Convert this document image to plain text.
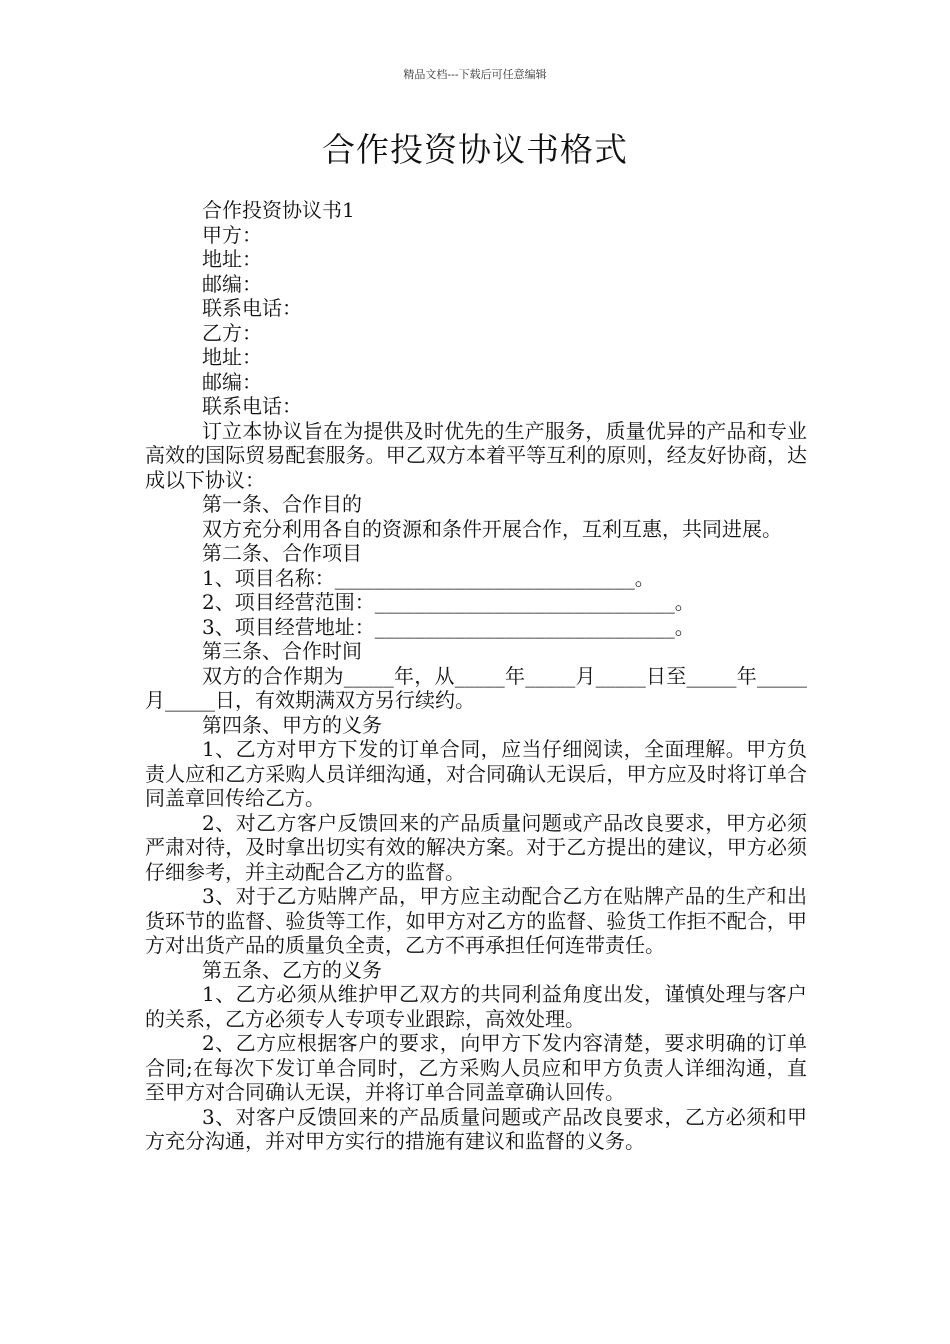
精品文档---下载后可任意编辑
合作投资协议书格式

合作投资协议书1

甲方：

地址：

邮编：

联系电话：

乙方：

地址：

邮编：

联系电话：

订立本协议旨在为提供及时优先的生产服务，质量优异的产品和专业高效的国际贸易配套服务。甲乙双方本着平等互利的原则，经友好协商，达成以下协议：

第一条、合作目的

双方充分利用各自的资源和条件开展合作，互利互惠，共同进展。

第二条、合作项目

1、项目名称：______________________________。

2、项目经营范围：______________________________。

3、项目经营地址：______________________________。

第三条、合作时间

双方的合作期为_____年，从_____年_____月_____日至_____年_____月_____日，有效期满双方另行续约。

第四条、甲方的义务

1、乙方对甲方下发的订单合同，应当仔细阅读，全面理解。甲方负责人应和乙方采购人员详细沟通，对合同确认无误后，甲方应及时将订单合同盖章回传给乙方。

2、对乙方客户反馈回来的产品质量问题或产品改良要求，甲方必须严肃对待，及时拿出切实有效的解决方案。对于乙方提出的建议，甲方必须仔细参考，并主动配合乙方的监督。

3、对于乙方贴牌产品，甲方应主动配合乙方在贴牌产品的生产和出货环节的监督、验货等工作，如甲方对乙方的监督、验货工作拒不配合，甲方对出货产品的质量负全责，乙方不再承担任何连带责任。

第五条、乙方的义务

1、乙方必须从维护甲乙双方的共同利益角度出发，谨慎处理与客户的关系，乙方必须专人专项专业跟踪，高效处理。

2、乙方应根据客户的要求，向甲方下发内容清楚，要求明确的订单合同;在每次下发订单合同时，乙方采购人员应和甲方负责人详细沟通，直至甲方对合同确认无误，并将订单合同盖章确认回传。

3、对客户反馈回来的产品质量问题或产品改良要求，乙方必须和甲方充分沟通，并对甲方实行的措施有建议和监督的义务。
